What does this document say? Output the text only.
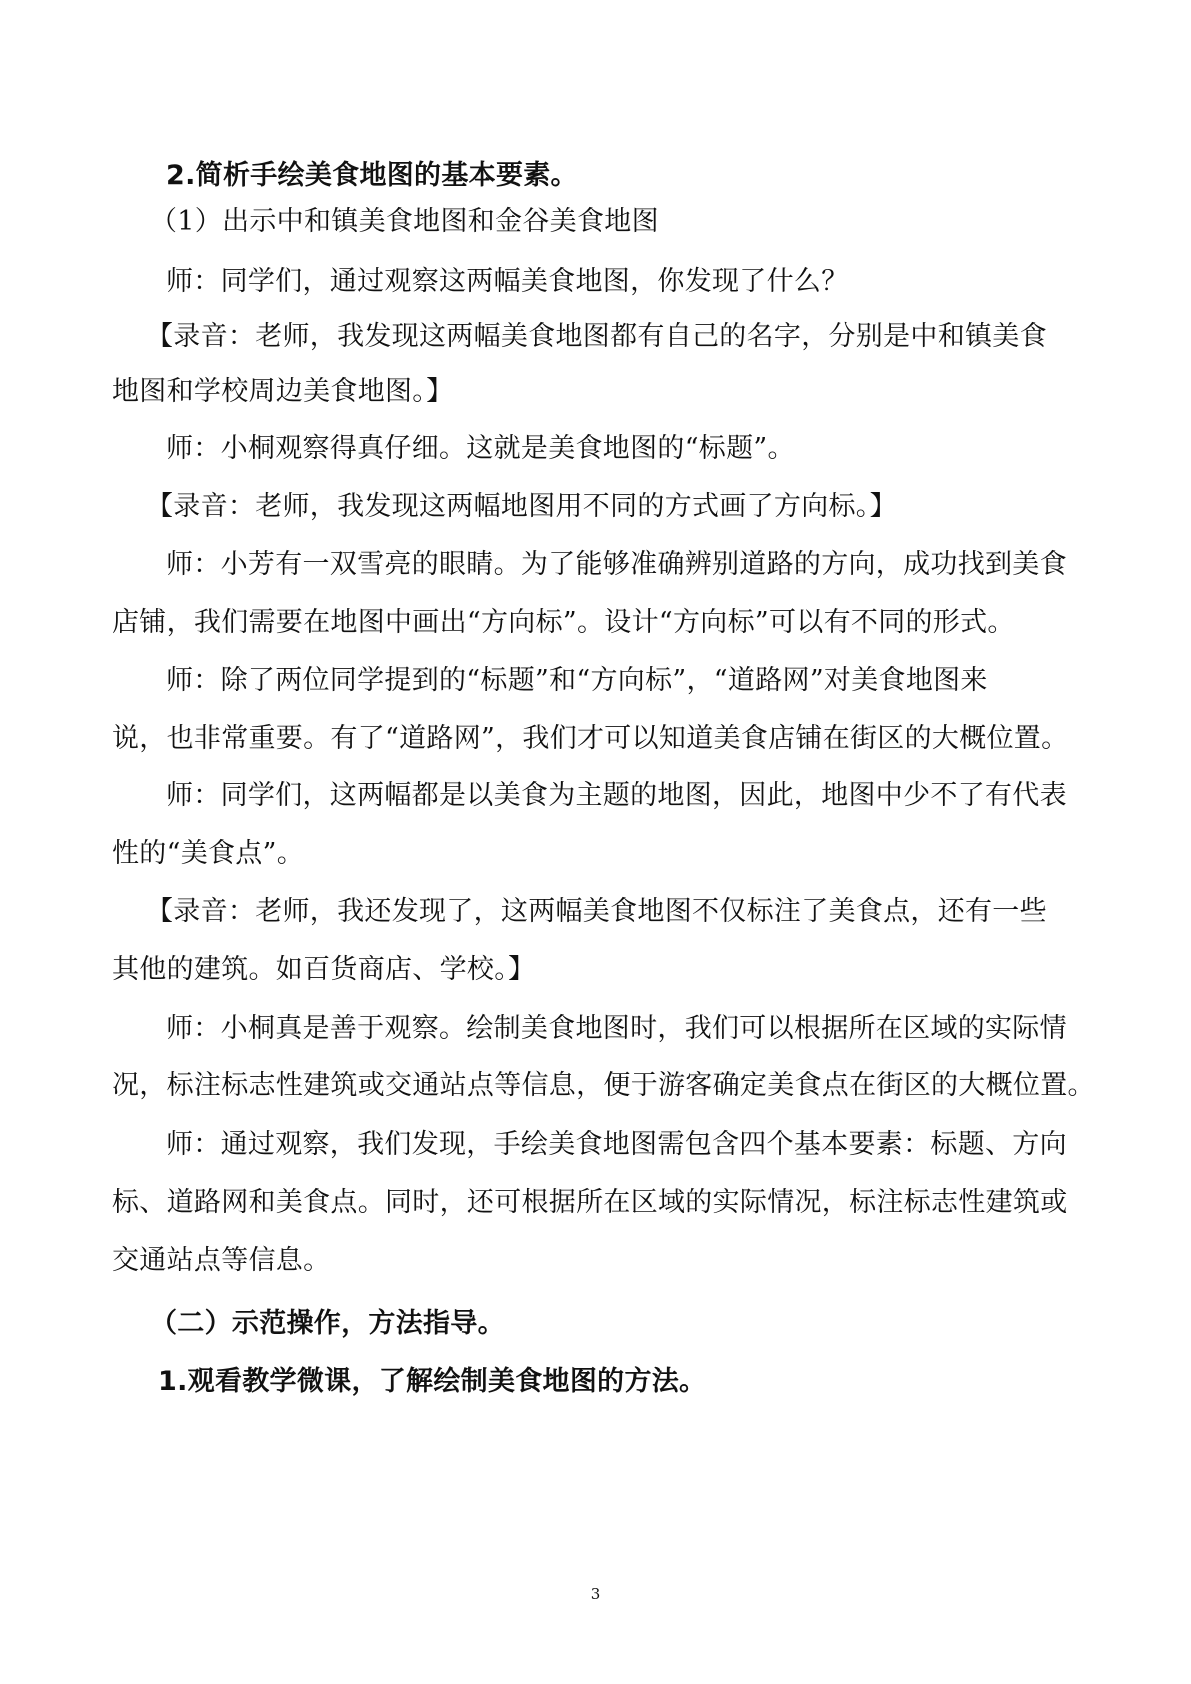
2.简析手绘美食地图的基本要素。
（1）出示中和镇美食地图和金谷美食地图
师：同学们，通过观察这两幅美食地图，你发现了什么？
【录音：老师，我发现这两幅美食地图都有自己的名字，分别是中和镇美食
地图和学校周边美食地图。】
师：小桐观察得真仔细。这就是美食地图的“标题”。
【录音：老师，我发现这两幅地图用不同的方式画了方向标。】
师：小芳有一双雪亮的眼睛。为了能够准确辨别道路的方向，成功找到美食
店铺，我们需要在地图中画出“方向标”。设计“方向标”可以有不同的形式。
师：除了两位同学提到的“标题”和“方向标”，“道路网”对美食地图来
说，也非常重要。有了“道路网”，我们才可以知道美食店铺在街区的大概位置。
师：同学们，这两幅都是以美食为主题的地图，因此，地图中少不了有代表
性的“美食点”。
【录音：老师，我还发现了，这两幅美食地图不仅标注了美食点，还有一些
其他的建筑。如百货商店、学校。】
师：小桐真是善于观察。绘制美食地图时，我们可以根据所在区域的实际情
况，标注标志性建筑或交通站点等信息，便于游客确定美食点在街区的大概位置。
师：通过观察，我们发现，手绘美食地图需包含四个基本要素：标题、方向
标、道路网和美食点。同时，还可根据所在区域的实际情况，标注标志性建筑或
交通站点等信息。
（二）示范操作，方法指导。
1.观看教学微课，了解绘制美食地图的方法。
3
